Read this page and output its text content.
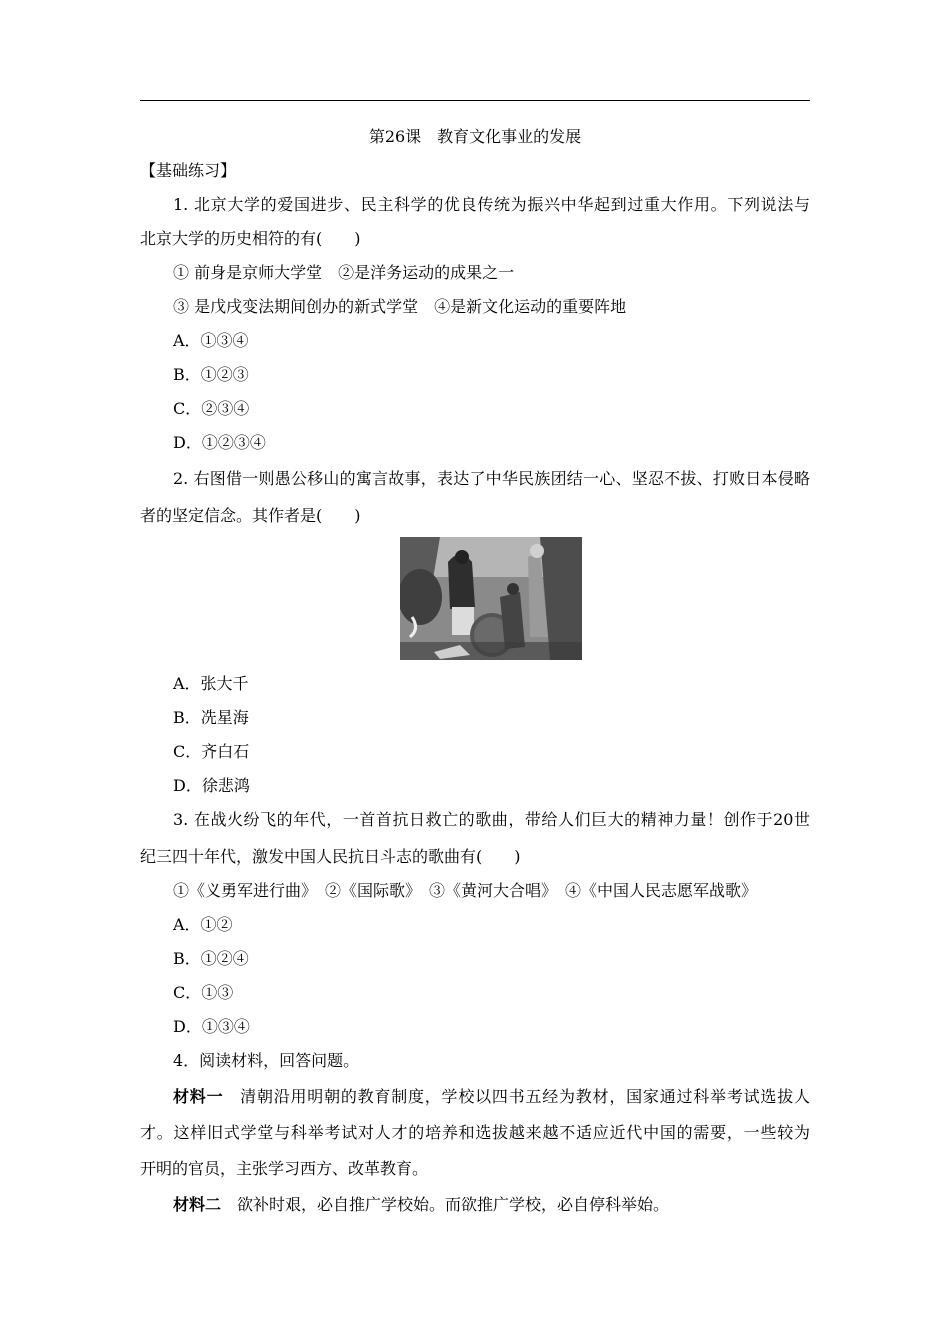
第26课　教育文化事业的发展
【基础练习】
1. 北京大学的爱国进步、民主科学的优良传统为振兴中华起到过重大作用。下列说法与
北京大学的历史相符的有(　　)
① 前身是京师大学堂　②是洋务运动的成果之一
③ 是戊戌变法期间创办的新式学堂　④是新文化运动的重要阵地
A．①③④
B．①②③
C．②③④
D．①②③④
2. 右图借一则愚公移山的寓言故事，表达了中华民族团结一心、坚忍不拔、打败日本侵略
者的坚定信念。其作者是(　　)
A．张大千
B．冼星海
C．齐白石
D．徐悲鸿
3. 在战火纷飞的年代，一首首抗日救亡的歌曲，带给人们巨大的精神力量！创作于20世
纪三四十年代，激发中国人民抗日斗志的歌曲有(　　)
①《义勇军进行曲》　②《国际歌》　③《黄河大合唱》　④《中国人民志愿军战歌》
A．①②
B．①②④
C．①③
D．①③④
4．阅读材料，回答问题。
材料一　 清朝沿用明朝的教育制度，学校以四书五经为教材，国家通过科举考试选拔人
才。这样旧式学堂与科举考试对人才的培养和选拔越来越不适应近代中国的需要，一些较为
开明的官员，主张学习西方、改革教育。
材料二　 欲补时艰，必自推广学校始。而欲推广学校，必自停科举始。
